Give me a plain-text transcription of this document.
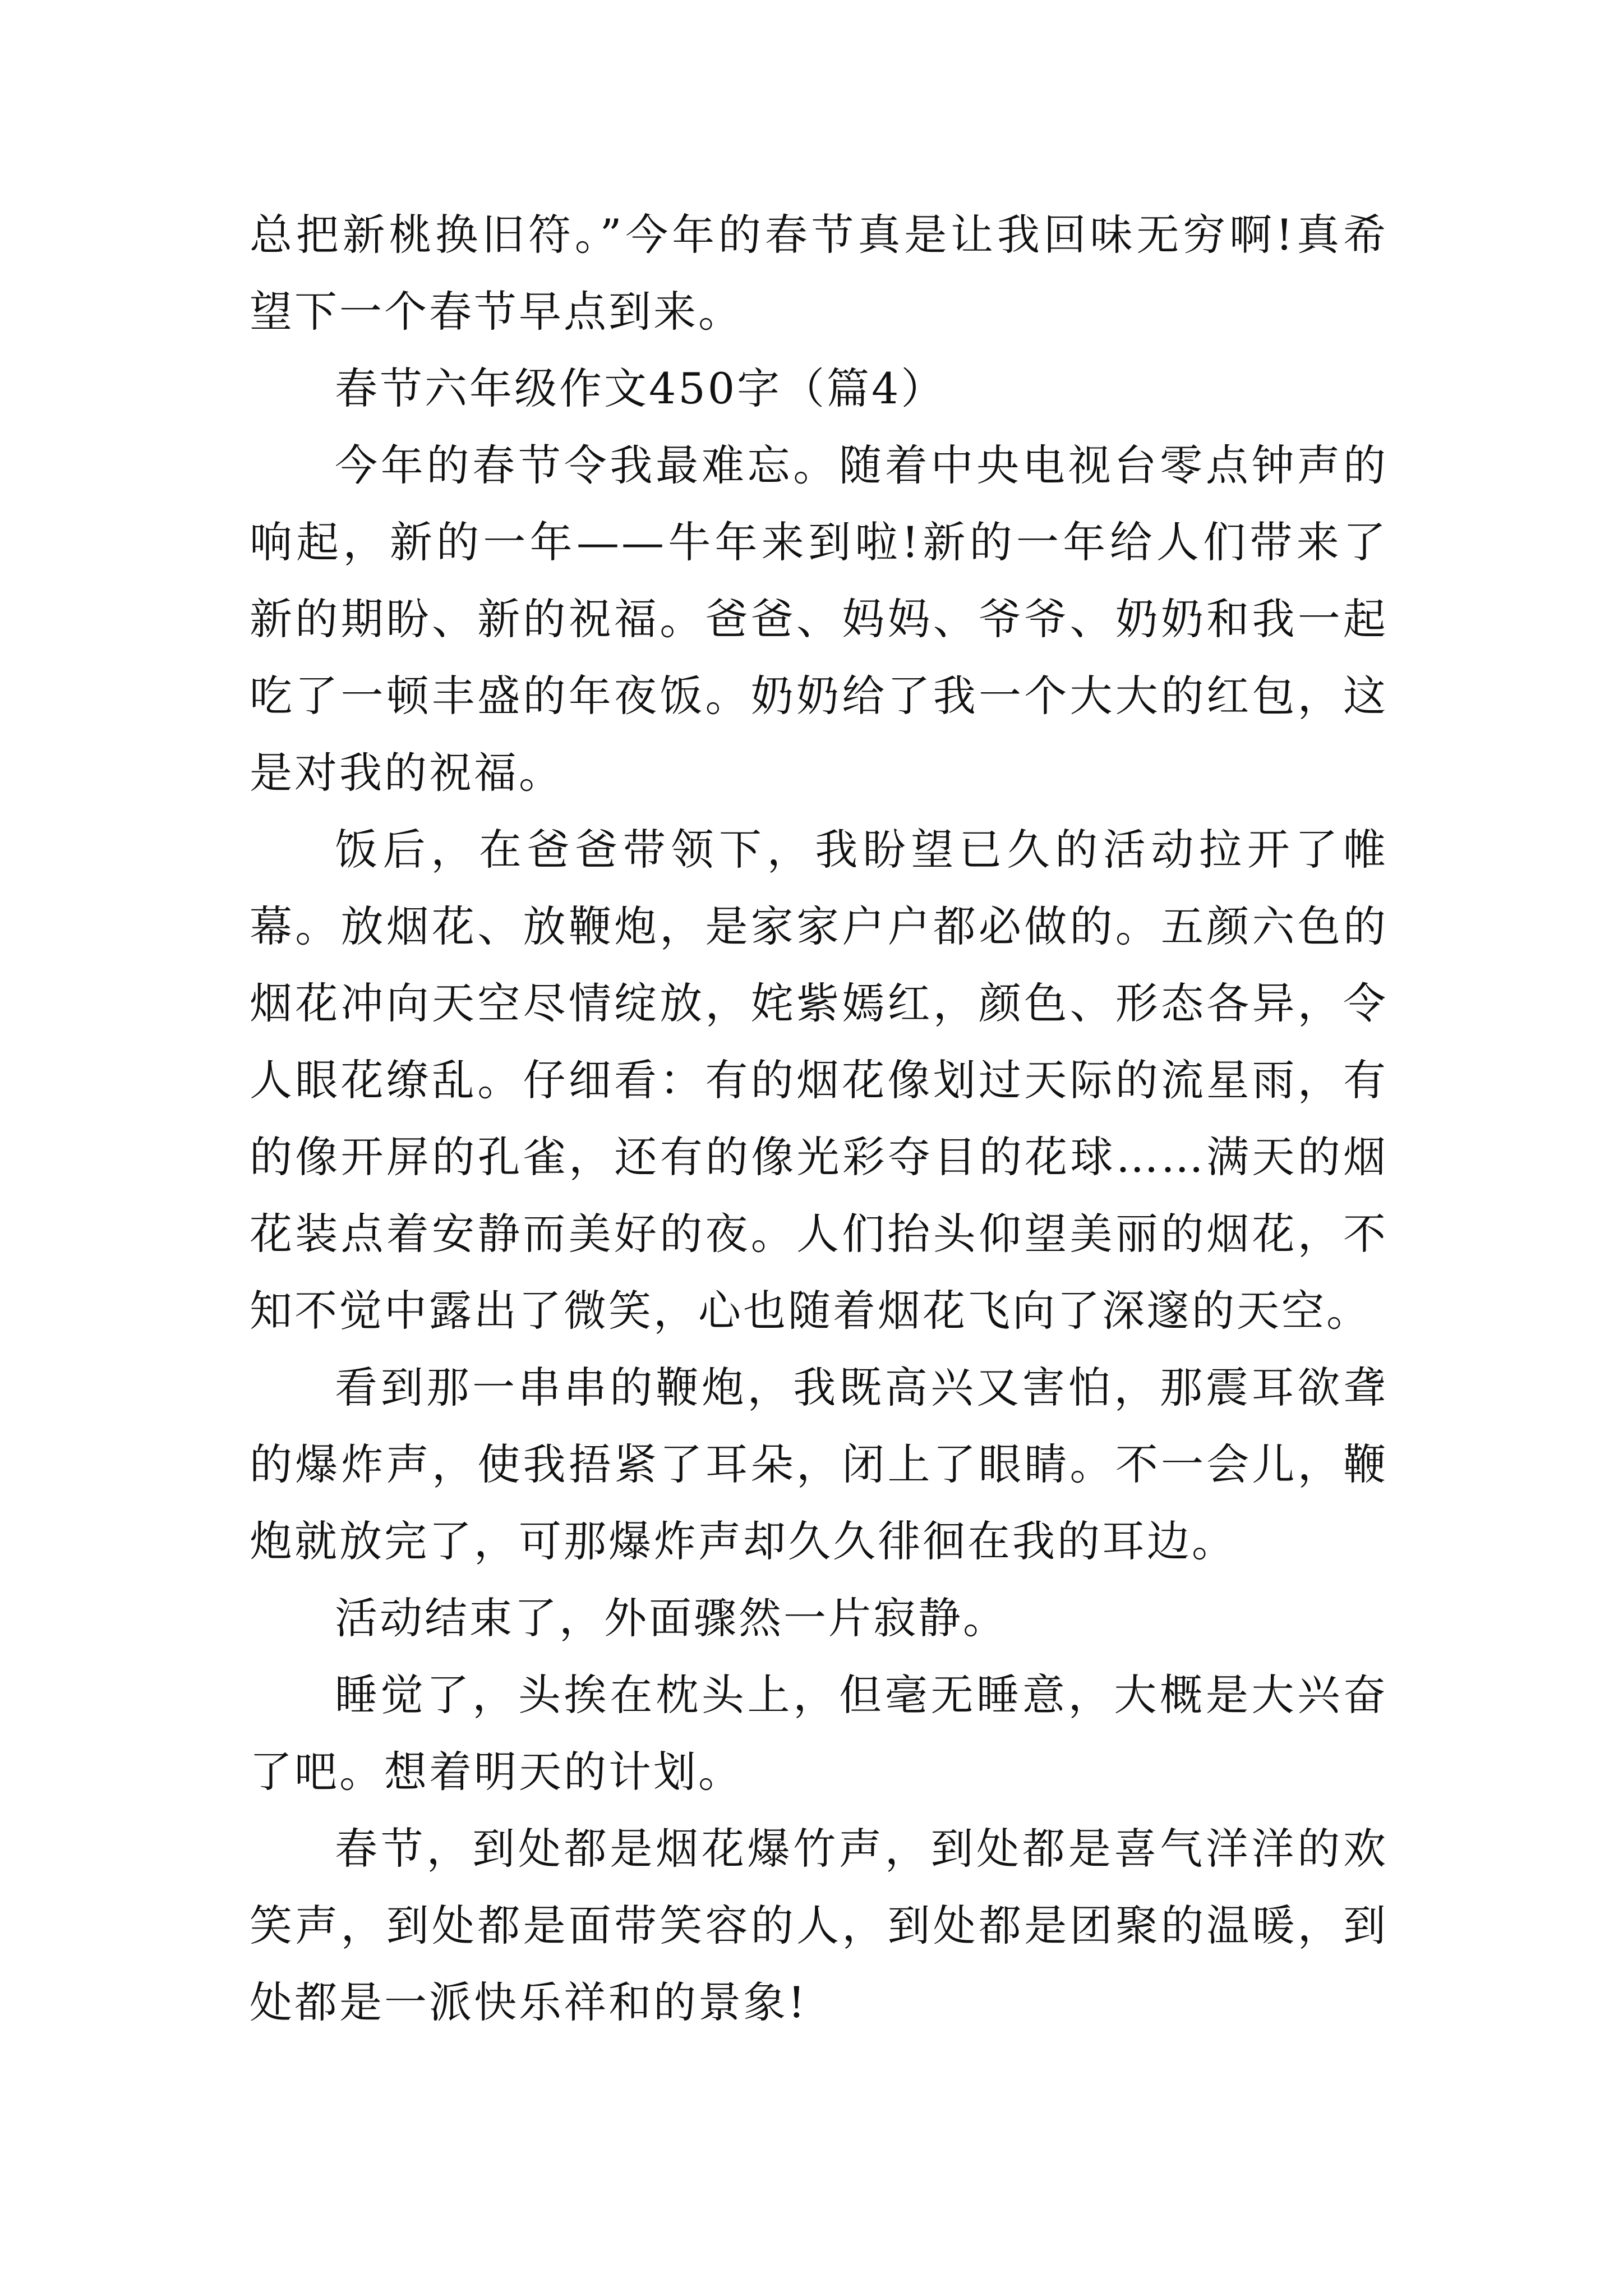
总把新桃换旧符。”今年的春节真是让我回味无穷啊!真希望下一个春节早点到来。

春节六年级作文450字（篇4）

今年的春节令我最难忘。随着中央电视台零点钟声的响起，新的一年——牛年来到啦!新的一年给人们带来了新的期盼、新的祝福。爸爸、妈妈、爷爷、奶奶和我一起吃了一顿丰盛的年夜饭。奶奶给了我一个大大的红包，这是对我的祝福。

饭后，在爸爸带领下，我盼望已久的活动拉开了帷幕。放烟花、放鞭炮，是家家户户都必做的。五颜六色的烟花冲向天空尽情绽放，姹紫嫣红，颜色、形态各异，令人眼花缭乱。仔细看：有的烟花像划过天际的流星雨，有的像开屏的孔雀，还有的像光彩夺目的花球……满天的烟花装点着安静而美好的夜。人们抬头仰望美丽的烟花，不知不觉中露出了微笑，心也随着烟花飞向了深邃的天空。

看到那一串串的鞭炮，我既高兴又害怕，那震耳欲聋的爆炸声，使我捂紧了耳朵，闭上了眼睛。不一会儿，鞭炮就放完了，可那爆炸声却久久徘徊在我的耳边。

活动结束了，外面骤然一片寂静。

睡觉了，头挨在枕头上，但毫无睡意，大概是大兴奋了吧。想着明天的计划。

春节，到处都是烟花爆竹声，到处都是喜气洋洋的欢笑声，到处都是面带笑容的人，到处都是团聚的温暖，到处都是一派快乐祥和的景象!
